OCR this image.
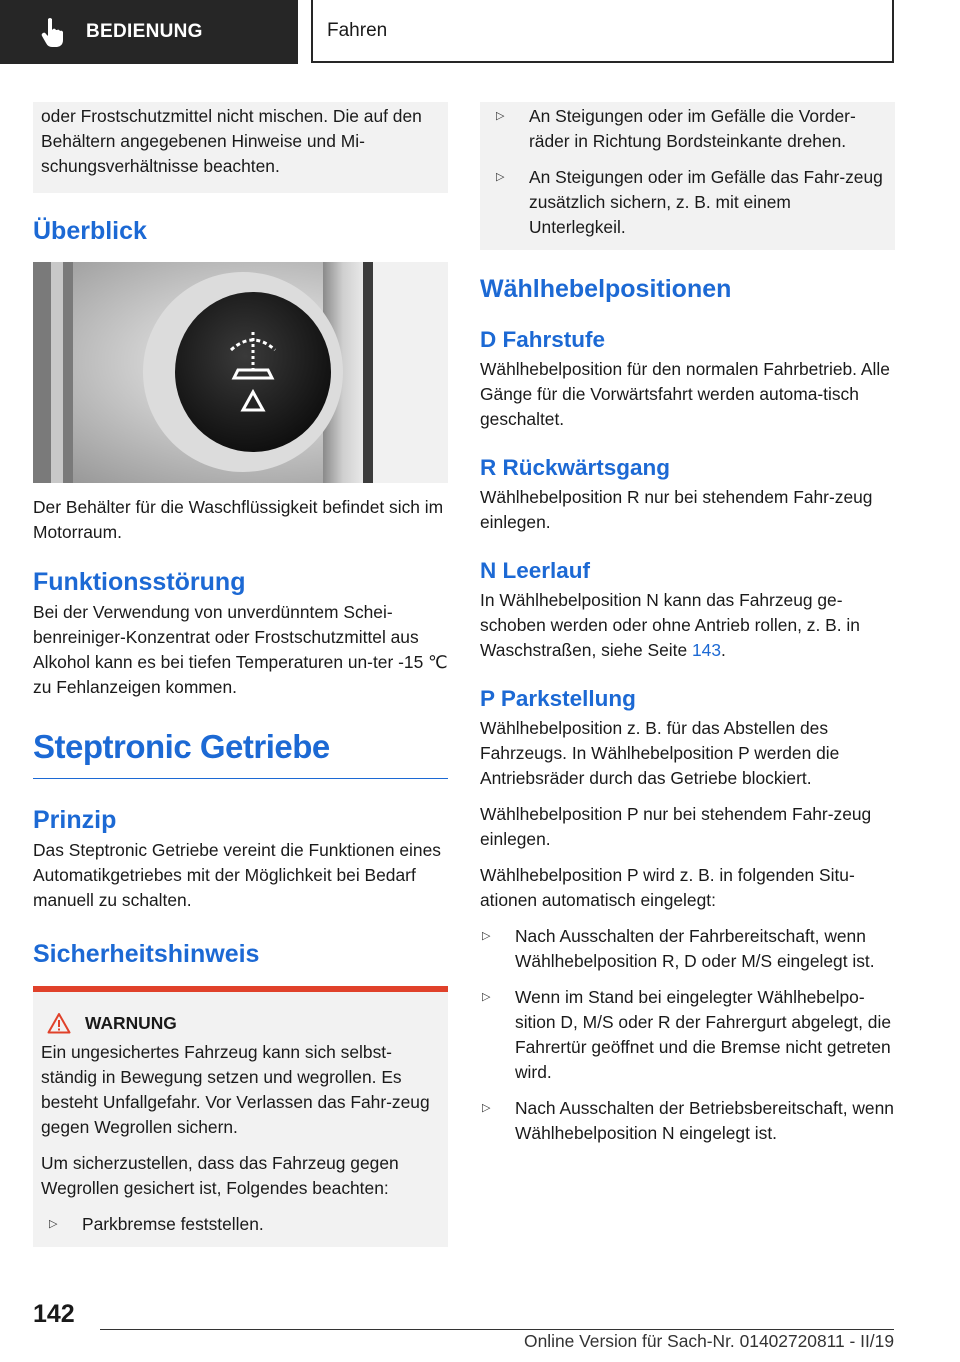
BEDIENUNG	Fahren

oder Frostschutzmittel nicht mischen. Die auf den Behältern angegebenen Hinweise und Mi-schungsverhältnisse beachten.

Überblick

Der Behälter für die Waschflüssigkeit befindet sich im Motorraum.

Funktionsstörung

Bei der Verwendung von unverdünntem Schei-benreiniger-Konzentrat oder Frostschutzmittel aus Alkohol kann es bei tiefen Temperaturen un-ter -15 ℃ zu Fehlanzeigen kommen.

Steptronic Getriebe
Prinzip

Das Steptronic Getriebe vereint die Funktionen eines Automatikgetriebes mit der Möglichkeit bei Bedarf manuell zu schalten.

Sicherheitshinweis
WARNUNG

Ein ungesichertes Fahrzeug kann sich selbst-ständig in Bewegung setzen und wegrollen. Es besteht Unfallgefahr. Vor Verlassen das Fahr-zeug gegen Wegrollen sichern.

Um sicherzustellen, dass das Fahrzeug gegen Wegrollen gesichert ist, Folgendes beachten:

▷	Parkbremse feststellen.
▷	An Steigungen oder im Gefälle die Vorder-räder in Richtung Bordsteinkante drehen.
▷	An Steigungen oder im Gefälle das Fahr-zeug zusätzlich sichern, z. B. mit einem Unterlegkeil.
Wählhebelpositionen
D Fahrstufe

Wählhebelposition für den normalen Fahrbetrieb. Alle Gänge für die Vorwärtsfahrt werden automa-tisch geschaltet.

R Rückwärtsgang

Wählhebelposition R nur bei stehendem Fahr-zeug einlegen.

N Leerlauf

In Wählhebelposition N kann das Fahrzeug ge-schoben werden oder ohne Antrieb rollen, z. B. in Waschstraßen, siehe Seite 143.

P Parkstellung

Wählhebelposition z. B. für das Abstellen des Fahrzeugs. In Wählhebelposition P werden die Antriebsräder durch das Getriebe blockiert.

Wählhebelposition P nur bei stehendem Fahr-zeug einlegen.

Wählhebelposition P wird z. B. in folgenden Situ-ationen automatisch eingelegt:

▷	Nach Ausschalten der Fahrbereitschaft, wenn Wählhebelposition R, D oder M/S eingelegt ist.
▷	Wenn im Stand bei eingelegter Wählhebelpo-sition D, M/S oder R der Fahrergurt abgelegt, die Fahrertür geöffnet und die Bremse nicht getreten wird.
▷	Nach Ausschalten der Betriebsbereitschaft, wenn Wählhebelposition N eingelegt ist.
142
Online Version für Sach-Nr. 01402720811 - II/19
